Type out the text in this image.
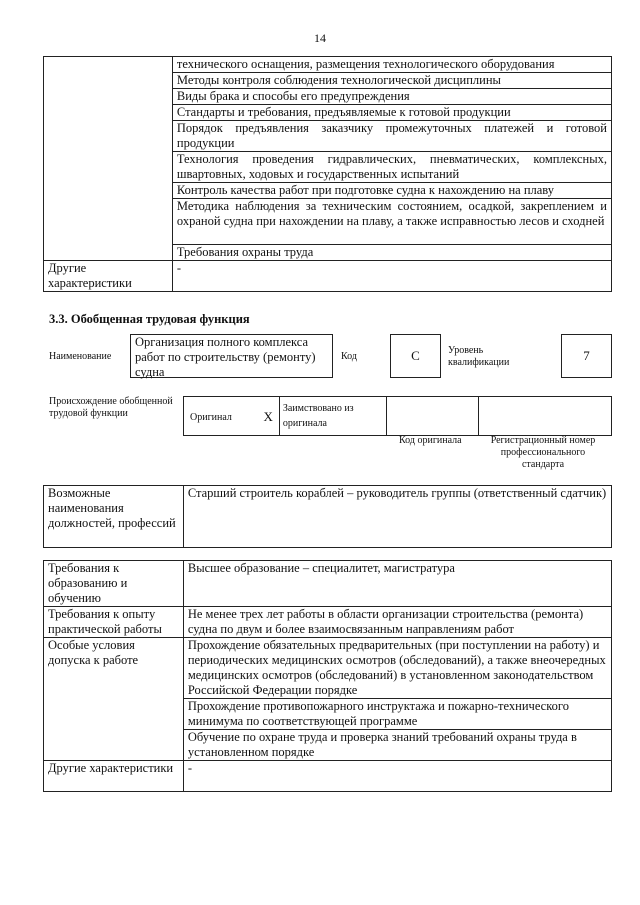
14
	технического оснащения, размещения технологического оборудования
	Методы контроля соблюдения технологической дисциплины
	Виды брака и способы его предупреждения
	Стандарты и требования, предъявляемые к готовой продукции
	Порядок предъявления заказчику промежуточных платежей и готовой продукции
	Технология проведения гидравлических, пневматических, комплексных, швартовных, ходовых и государственных испытаний
	Контроль качества работ при подготовке судна к нахождению на плаву
	Методика наблюдения за техническим состоянием, осадкой, закреплением и охраной судна при нахождении на плаву, а также исправностью лесов и сходней
	Требования охраны труда
Другие характеристики	-
3.3. Обобщенная трудовая функция
Наименование
Организация полного комплекса работ по строительству (ремонту) судна
Код	С	Уровень квалификации	7
Происхождение обобщенной трудовой функции	Оригинал Х	Заимствовано из оригинала		
Код оригинала	Регистрационный номер профессионального стандарта
Возможные наименования должностей, профессий	Старший строитель кораблей – руководитель группы (ответственный сдатчик)
Требования к образованию и обучению	Высшее образование – специалитет, магистратура
Требования к опыту практической работы	Не менее трех лет работы в области организации строительства (ремонта) судна по двум и более взаимосвязанным направлениям работ
Особые условия допуска к работе	Прохождение обязательных предварительных (при поступлении на работу) и периодических медицинских осмотров (обследований), а также внеочередных медицинских осмотров (обследований) в установленном законодательством Российской Федерации порядке
	Прохождение противопожарного инструктажа и пожарно-технического минимума по соответствующей программе
	Обучение по охране труда и проверка знаний требований охраны труда в установленном порядке
Другие характеристики	-
